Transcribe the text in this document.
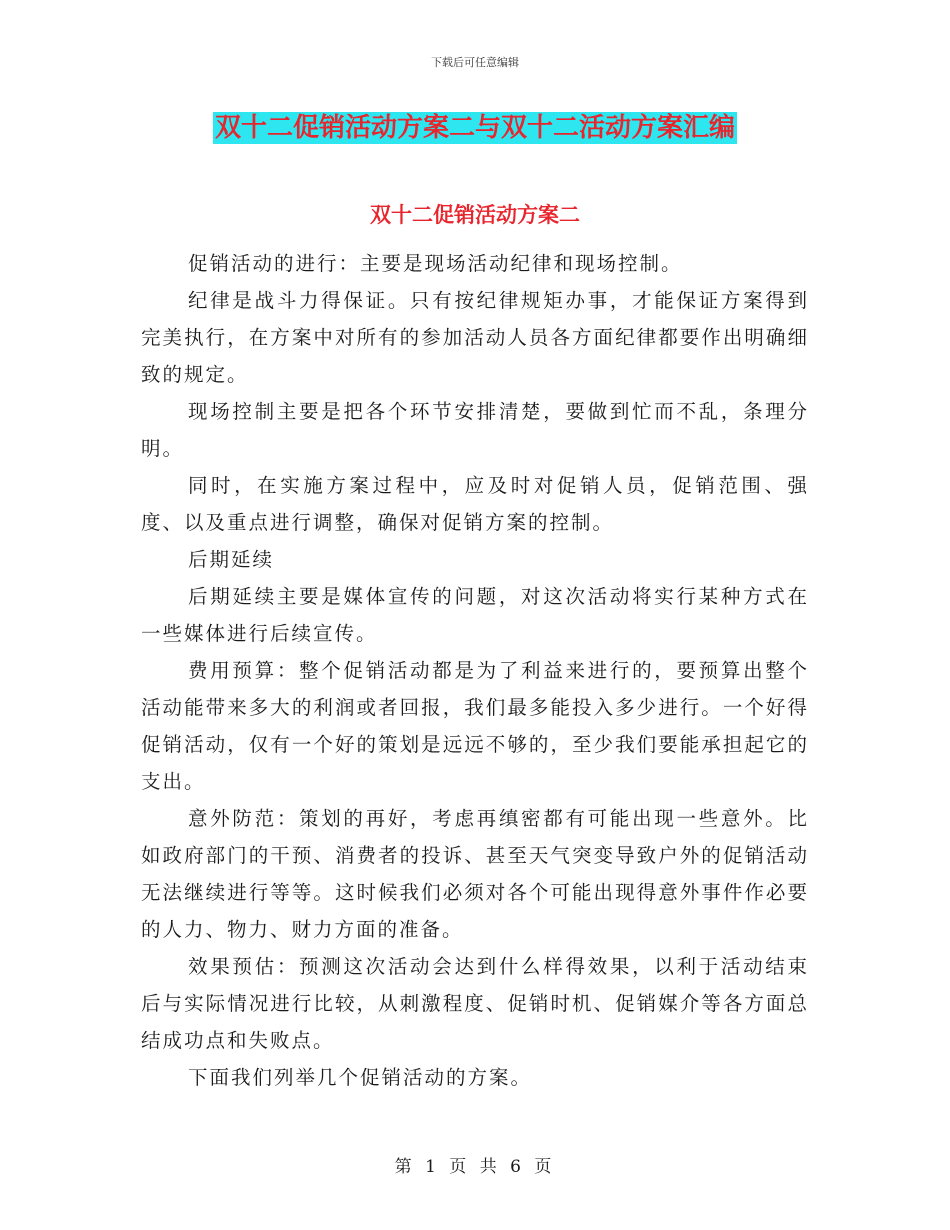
下载后可任意编辑
双十二促销活动方案二与双十二活动方案汇编
双十二促销活动方案二

促销活动的进行：主要是现场活动纪律和现场控制。

纪律是战斗力得保证。只有按纪律规矩办事，才能保证方案得到完美执行，在方案中对所有的参加活动人员各方面纪律都要作出明确细致的规定。

现场控制主要是把各个环节安排清楚，要做到忙而不乱，条理分明。

同时，在实施方案过程中，应及时对促销人员，促销范围、强度、以及重点进行调整，确保对促销方案的控制。

后期延续

后期延续主要是媒体宣传的问题，对这次活动将实行某种方式在一些媒体进行后续宣传。

费用预算：整个促销活动都是为了利益来进行的，要预算出整个活动能带来多大的利润或者回报，我们最多能投入多少进行。一个好得促销活动，仅有一个好的策划是远远不够的，至少我们要能承担起它的支出。

意外防范：策划的再好，考虑再缜密都有可能出现一些意外。比如政府部门的干预、消费者的投诉、甚至天气突变导致户外的促销活动无法继续进行等等。这时候我们必须对各个可能出现得意外事件作必要的人力、物力、财力方面的准备。

效果预估：预测这次活动会达到什么样得效果，以利于活动结束后与实际情况进行比较，从刺激程度、促销时机、促销媒介等各方面总结成功点和失败点。

下面我们列举几个促销活动的方案。

第 1 页 共 6 页
